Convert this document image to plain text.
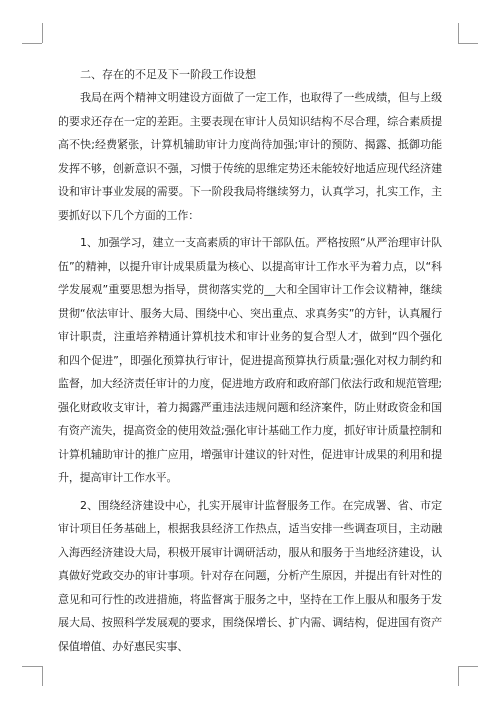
二、存在的不足及下一阶段工作设想

我局在两个精神文明建设方面做了一定工作，也取得了一些成绩，但与上级的要求还存在一定的差距。主要表现在审计人员知识结构不尽合理，综合素质提高不快;经费紧张，计算机辅助审计力度尚待加强;审计的预防、揭露、抵御功能发挥不够，创新意识不强，习惯于传统的思维定势还未能较好地适应现代经济建设和审计事业发展的需要。下一阶段我局将继续努力，认真学习，扎实工作，主要抓好以下几个方面的工作：

1、加强学习，建立一支高素质的审计干部队伍。严格按照“从严治理审计队伍”的精神，以提升审计成果质量为核心、以提高审计工作水平为着力点，以“科学发展观”重要思想为指导，贯彻落实党的__大和全国审计工作会议精神，继续贯彻“依法审计、服务大局、围绕中心、突出重点、求真务实”的方针，认真履行审计职责，注重培养精通计算机技术和审计业务的复合型人才，做到“四个强化和四个促进”，即强化预算执行审计，促进提高预算执行质量;强化对权力制约和监督，加大经济责任审计的力度，促进地方政府和政府部门依法行政和规范管理;强化财政收支审计，着力揭露严重违法违规问题和经济案件，防止财政资金和国有资产流失，提高资金的使用效益;强化审计基础工作力度，抓好审计质量控制和计算机辅助审计的推广应用，增强审计建议的针对性，促进审计成果的利用和提升，提高审计工作水平。

2、围绕经济建设中心，扎实开展审计监督服务工作。在完成署、省、市定审计项目任务基础上，根据我县经济工作热点，适当安排一些调查项目，主动融入海西经济建设大局，积极开展审计调研活动，服从和服务于当地经济建设，认真做好党政交办的审计事项。针对存在问题，分析产生原因，并提出有针对性的意见和可行性的改进措施，将监督寓于服务之中，坚持在工作上服从和服务于发展大局、按照科学发展观的要求，围绕保增长、扩内需、调结构，促进国有资产保值增值、办好惠民实事、
